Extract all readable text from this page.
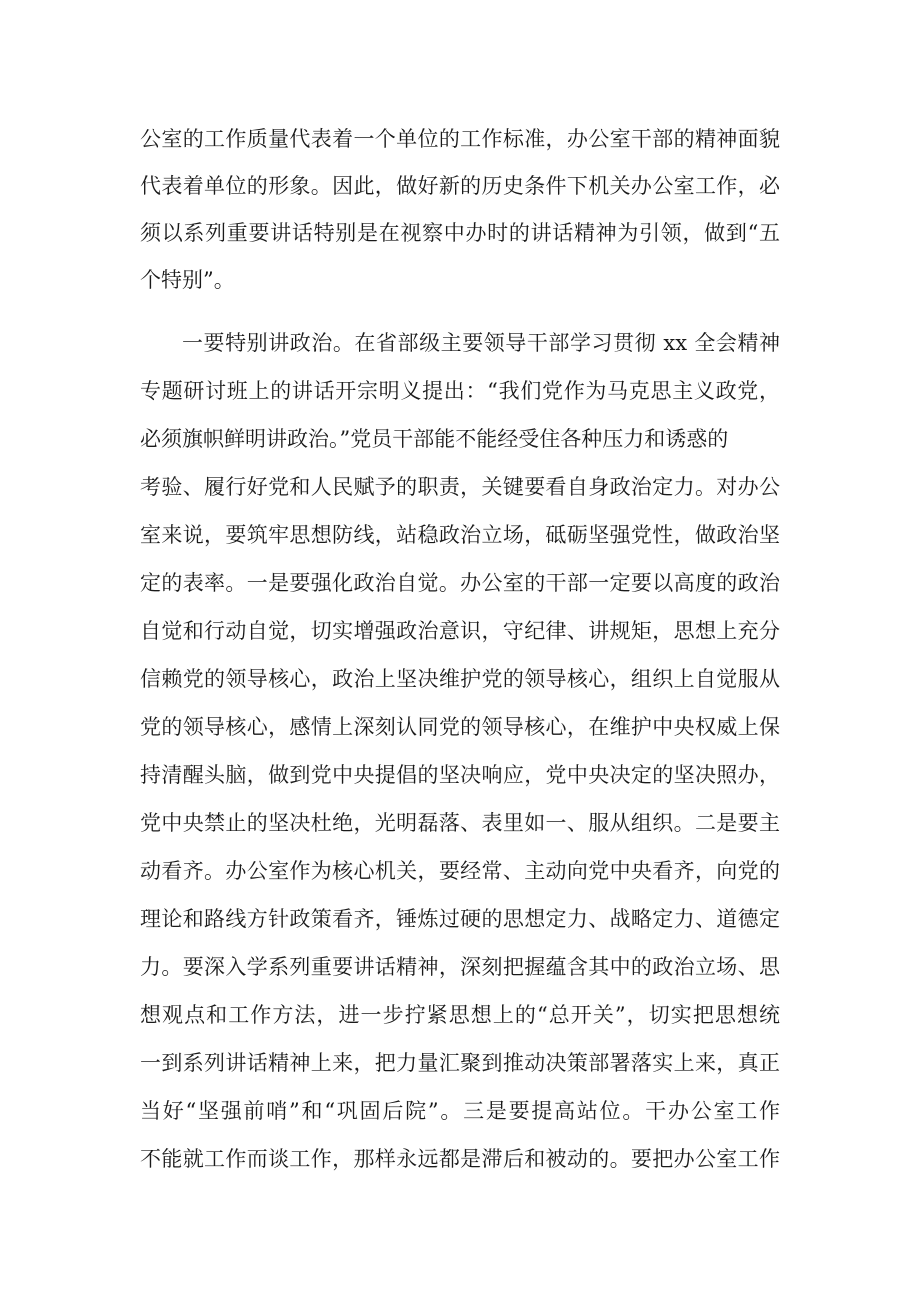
公室的工作质量代表着一个单位的工作标准，办公室干部的精神面貌
代表着单位的形象。因此，做好新的历史条件下机关办公室工作，必
须以系列重要讲话特别是在视察中办时的讲话精神为引领，做到“五
个特别”。
一要特别讲政治。在省部级主要领导干部学习贯彻 xx 全会精神
专题研讨班上的讲话开宗明义提出：“我们党作为马克思主义政党，
必须旗帜鲜明讲政治。”党员干部能不能经受住各种压力和诱惑的
考验、履行好党和人民赋予的职责，关键要看自身政治定力。对办公
室来说，要筑牢思想防线，站稳政治立场，砥砺坚强党性，做政治坚
定的表率。一是要强化政治自觉。办公室的干部一定要以高度的政治
自觉和行动自觉，切实增强政治意识，守纪律、讲规矩，思想上充分
信赖党的领导核心，政治上坚决维护党的领导核心，组织上自觉服从
党的领导核心，感情上深刻认同党的领导核心，在维护中央权威上保
持清醒头脑，做到党中央提倡的坚决响应，党中央决定的坚决照办，
党中央禁止的坚决杜绝，光明磊落、表里如一、服从组织。二是要主
动看齐。办公室作为核心机关，要经常、主动向党中央看齐，向党的
理论和路线方针政策看齐，锤炼过硬的思想定力、战略定力、道德定
力。要深入学系列重要讲话精神，深刻把握蕴含其中的政治立场、思
想观点和工作方法，进一步拧紧思想上的“总开关”，切实把思想统
一到系列讲话精神上来，把力量汇聚到推动决策部署落实上来，真正
当好“坚强前哨”和“巩固后院”。三是要提高站位。干办公室工作
不能就工作而谈工作，那样永远都是滞后和被动的。要把办公室工作
